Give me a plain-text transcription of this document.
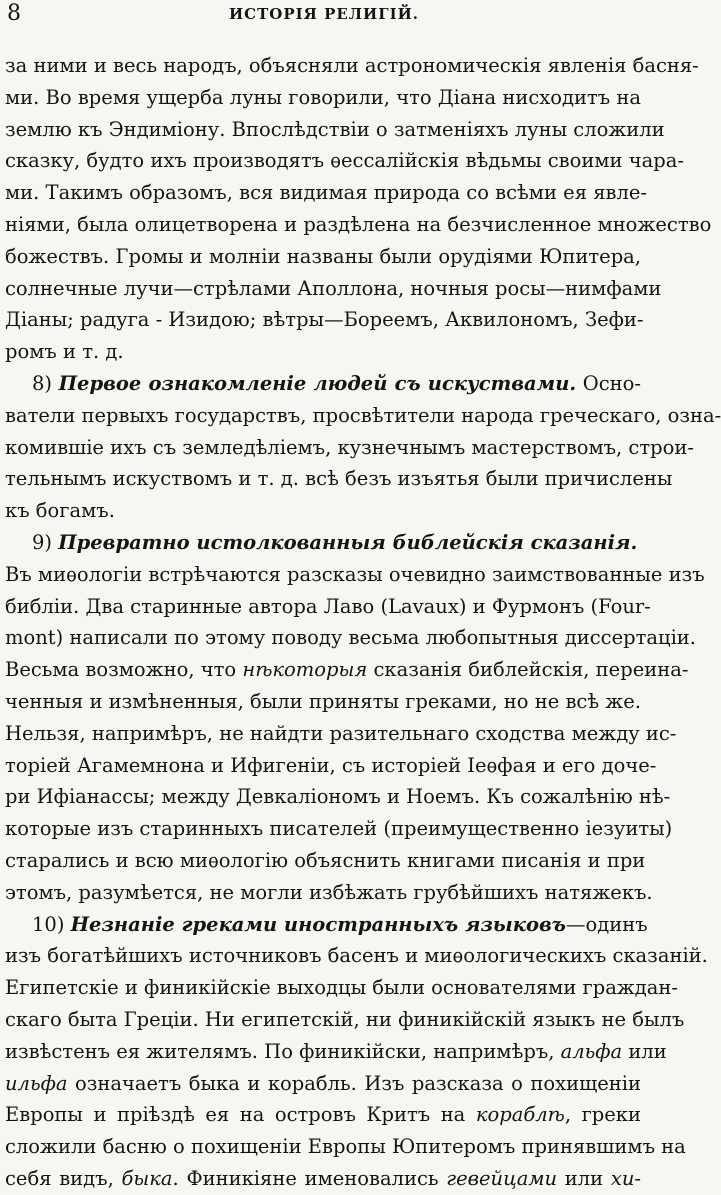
8	ИСТОРІЯ РЕЛИГІЙ.
за ними и весь народъ, объясняли астрономическія явленія басня-
ми. Во время ущерба луны говорили, что Діана нисходитъ на
землю къ Эндиміону. Впослѣдствіи о затменіяхъ луны сложили
сказку, будто ихъ производятъ ѳессалійскія вѣдьмы своими чара-
ми. Такимъ образомъ, вся видимая природа со всѣми ея явле-
ніями, была олицетворена и раздѣлена на безчисленное множество
божествъ. Громы и молніи названы были орудіями Юпитера,
солнечные лучи—стрѣлами Аполлона, ночныя росы—нимфами
Діаны; радуга - Изидою; вѣтры—Бореемъ, Аквилономъ, Зефи-
ромъ и т. д.
8) Первое ознакомленіе людей съ искуствами. Осно-
ватели первыхъ государствъ, просвѣтители народа греческаго, озна-
комившіе ихъ съ земледѣліемъ, кузнечнымъ мастерствомъ, строи-
тельнымъ искуствомъ и т. д. всѣ безъ изъятья были причислены
къ богамъ.
9) Превратно истолкованныя библейскія сказанія.
Въ миѳологіи встрѣчаются разсказы очевидно заимствованные изъ
библіи. Два старинные автора Лаво (Lavaux) и Фурмонъ (Four-
mont) написали по этому поводу весьма любопытныя диссертаціи.
Весьма возможно, что нѣкоторыя сказанія библейскія, переина-
ченныя и измѣненныя, были приняты греками, но не всѣ же.
Нельзя, напримѣръ, не найдти разительнаго сходства между ис-
торіей Агамемнона и Ифигеніи, съ исторіей Іеѳфая и его доче-
ри Ифіанассы; между Девкаліономъ и Ноемъ. Къ сожалѣнію нѣ-
которые изъ старинныхъ писателей (преимущественно іезуиты)
старались и всю миѳологію объяснить книгами писанія и при
этомъ, разумѣется, не могли избѣжать грубѣйшихъ натяжекъ.
10) Незнаніе греками иностранныхъ языковъ—одинъ
изъ богатѣйшихъ источниковъ басенъ и миѳологическихъ сказаній.
Египетскіе и финикійскіе выходцы были основателями граждан-
скаго быта Греціи. Ни египетскій, ни финикійскій языкъ не былъ
извѣстенъ ея жителямъ. По финикійски, напримѣръ, альфа или
ильфа означаетъ быка и корабль. Изъ разсказа о похищеніи
Европы и пріѣздѣ ея на островъ Критъ на кораблѣ, греки
сложили басню о похищеніи Европы Юпитеромъ принявшимъ на
себя видъ, быка. Финикіяне именовались гевейцами или хи-
